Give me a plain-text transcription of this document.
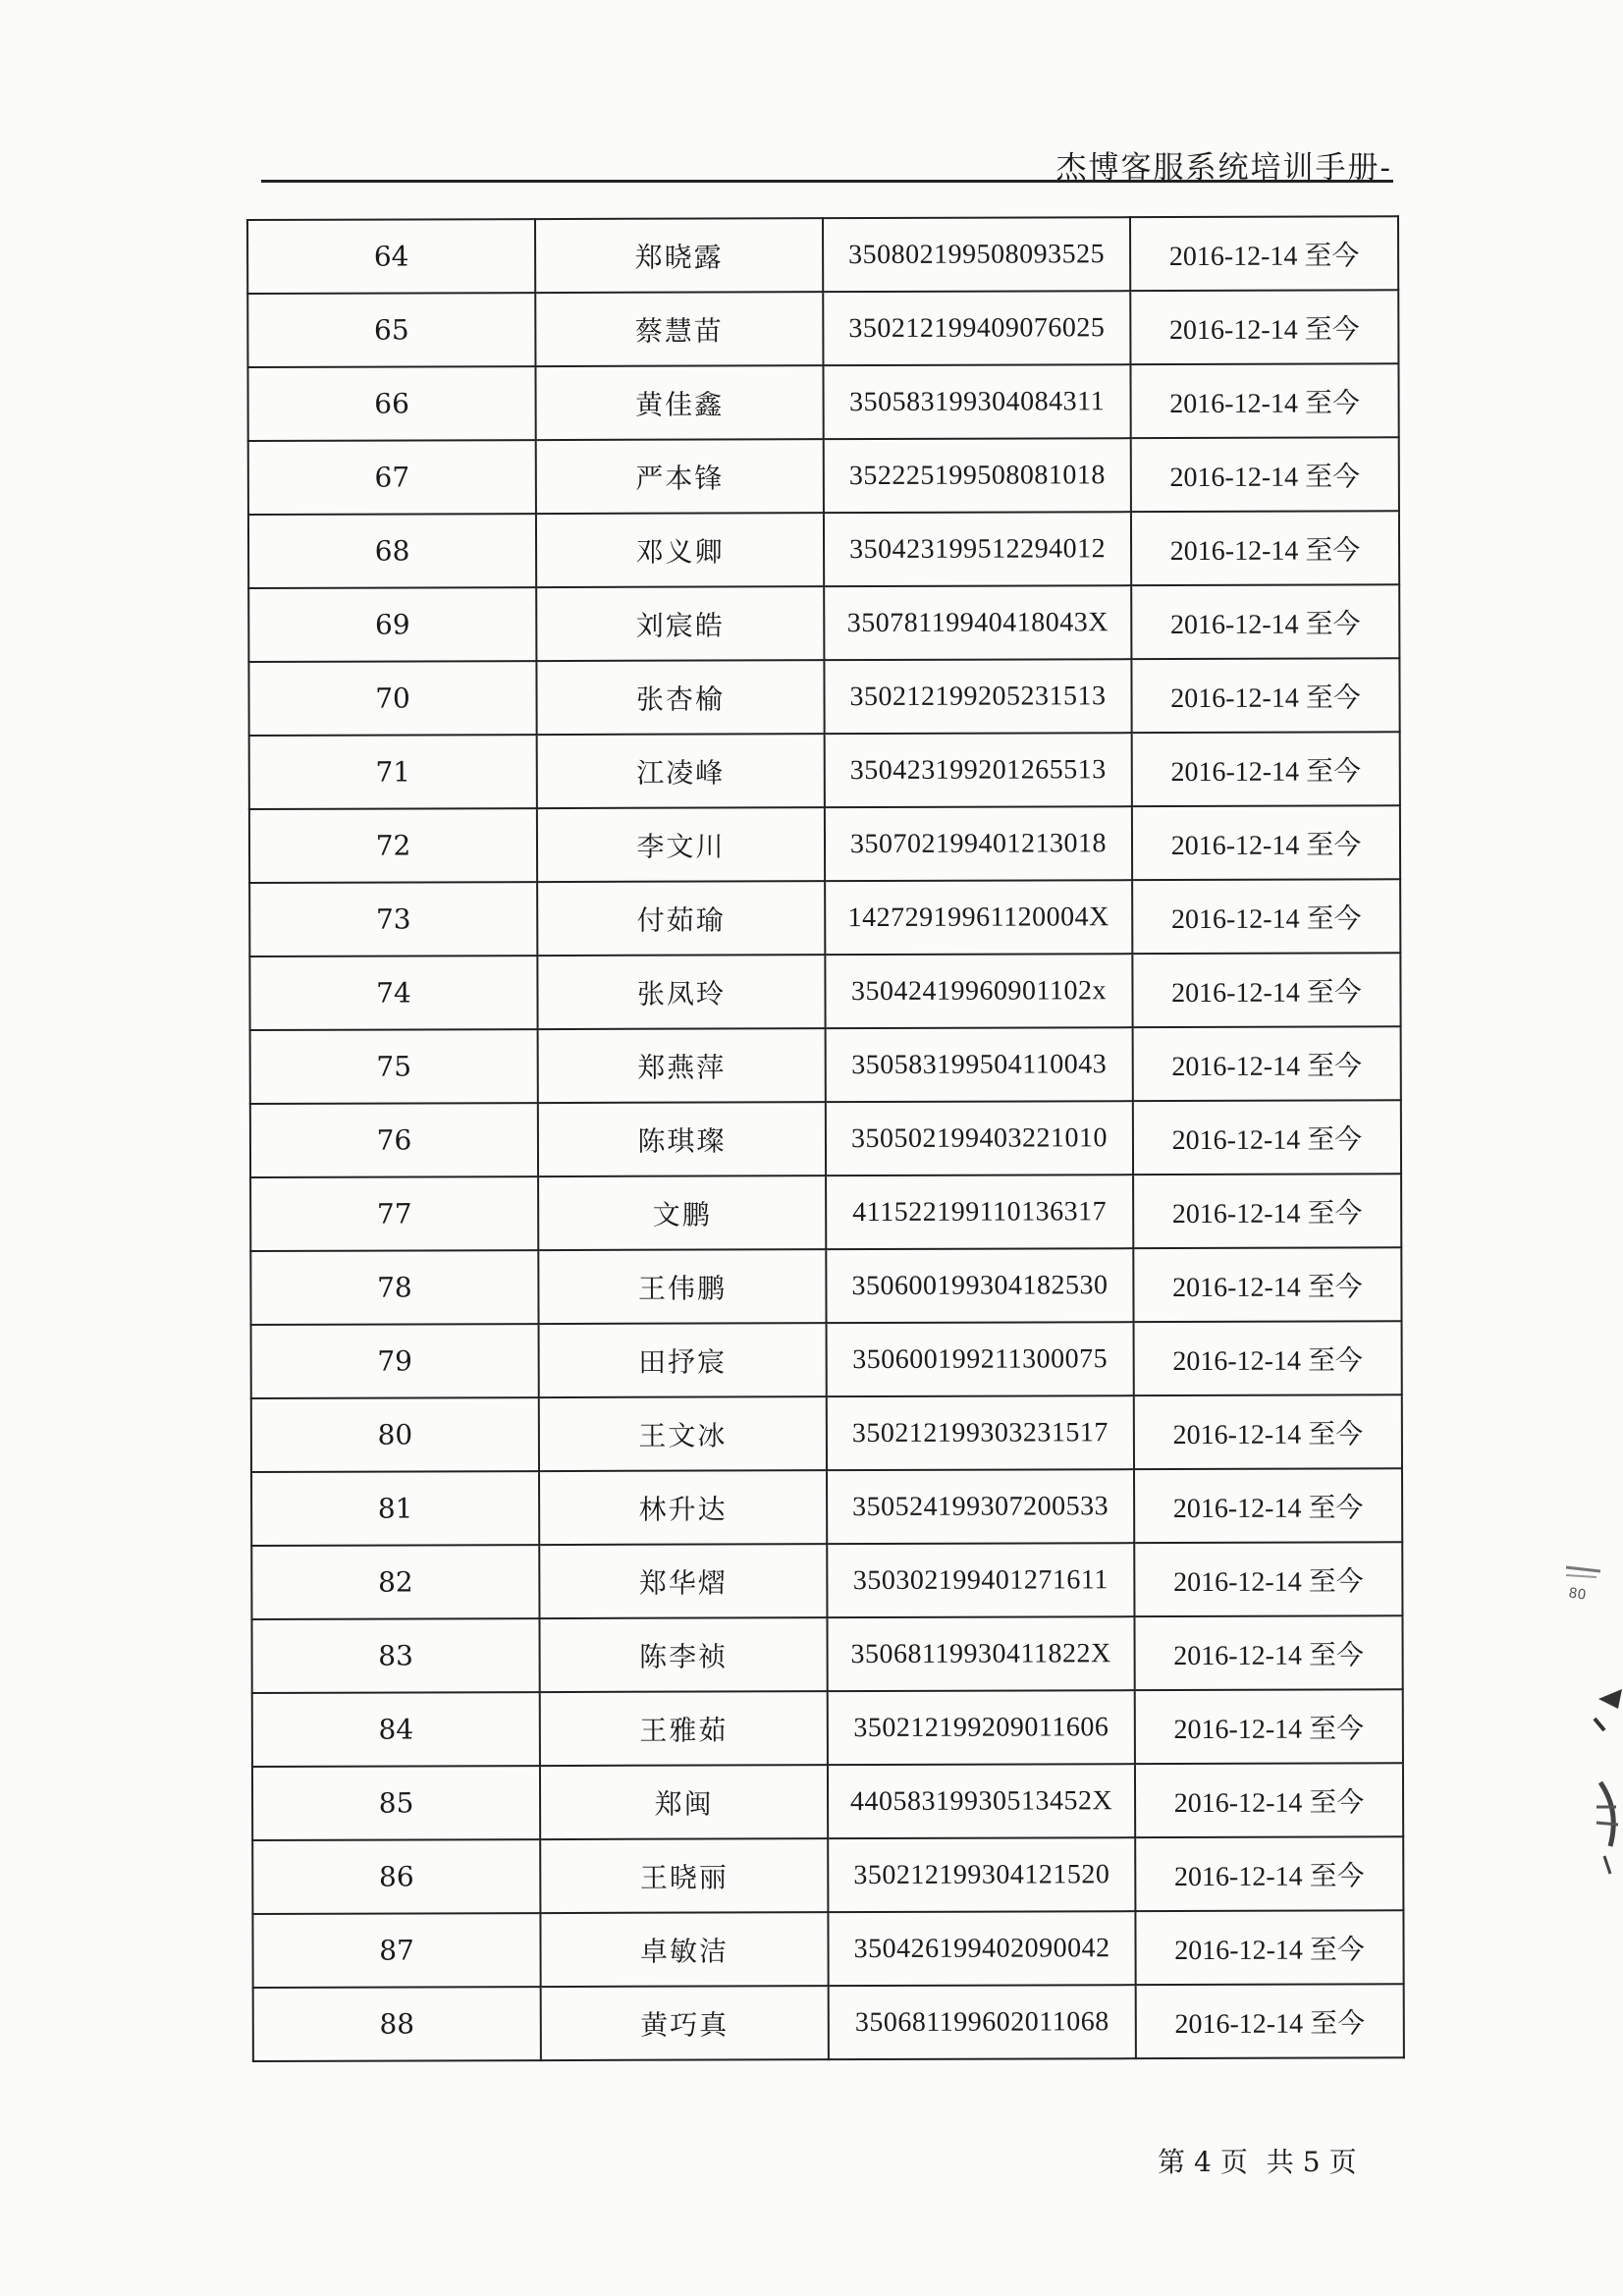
杰博客服系统培训手册-
64	郑晓露	350802199508093525	2016-12-14 至今
65	蔡慧苗	350212199409076025	2016-12-14 至今
66	黄佳鑫	350583199304084311	2016-12-14 至今
67	严本锋	352225199508081018	2016-12-14 至今
68	邓义卿	350423199512294012	2016-12-14 至今
69	刘宸皓	35078119940418043X	2016-12-14 至今
70	张杏榆	350212199205231513	2016-12-14 至今
71	江凌峰	350423199201265513	2016-12-14 至今
72	李文川	350702199401213018	2016-12-14 至今
73	付茹瑜	14272919961120004X	2016-12-14 至今
74	张凤玲	35042419960901102x	2016-12-14 至今
75	郑燕萍	350583199504110043	2016-12-14 至今
76	陈琪璨	350502199403221010	2016-12-14 至今
77	文鹏	411522199110136317	2016-12-14 至今
78	王伟鹏	350600199304182530	2016-12-14 至今
79	田抒宸	350600199211300075	2016-12-14 至今
80	王文冰	350212199303231517	2016-12-14 至今
81	林升达	350524199307200533	2016-12-14 至今
82	郑华熠	350302199401271611	2016-12-14 至今
83	陈李祯	35068119930411822X	2016-12-14 至今
84	王雅茹	350212199209011606	2016-12-14 至今
85	郑闽	44058319930513452X	2016-12-14 至今
86	王晓丽	350212199304121520	2016-12-14 至今
87	卓敏洁	350426199402090042	2016-12-14 至今
88	黄巧真	350681199602011068	2016-12-14 至今
第 4 页 共 5 页
80
